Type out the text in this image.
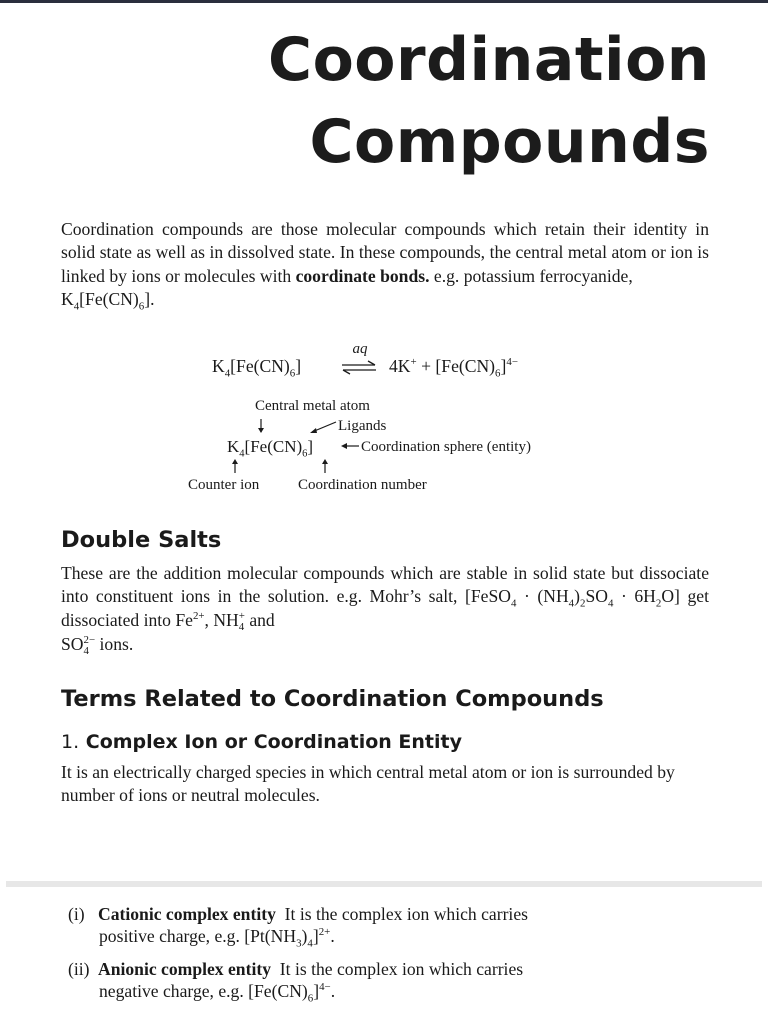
Coordination
Compounds

Coordination compounds are those molecular compounds which retain their identity in solid state as well as in dissolved state. In these compounds, the central metal atom or ion is linked by ions or molecules with coordinate bonds. e.g. potassium ferrocyanide,
$K_4[Fe(CN)_6]$.

$K_4[Fe(CN)_6]$
aq
⇌ $4K^+ + [Fe(CN)_6]^{4-}$
Central metal atom
Ligands
$K_4[Fe(CN)_6]$	Coordination sphere (entity)
Counter ion	Coordination number
Double Salts

These are the addition molecular compounds which are stable in solid state but dissociate into constituent ions in the solution. e.g. Mohr’s salt, [FeSO$_4$ · $(NH_4)_2SO_4 \cdot 6H_2O$] get dissociated into $Fe^{2+}$, NH +
4 and
SO 2−
4 ions.

Terms Related to Coordination Compounds
1. Complex Ion or Coordination Entity

It is an electrically charged species in which central metal atom or ion is surrounded by number of ions or neutral molecules.

(i) Cationic complex entity It is the complex ion which carries
positive charge, e.g. $[Pt(NH_3)_4]^{2+}$.

(ii) Anionic complex entity It is the complex ion which carries
negative charge, e.g. $[Fe(CN)_6]^{4-}$.
